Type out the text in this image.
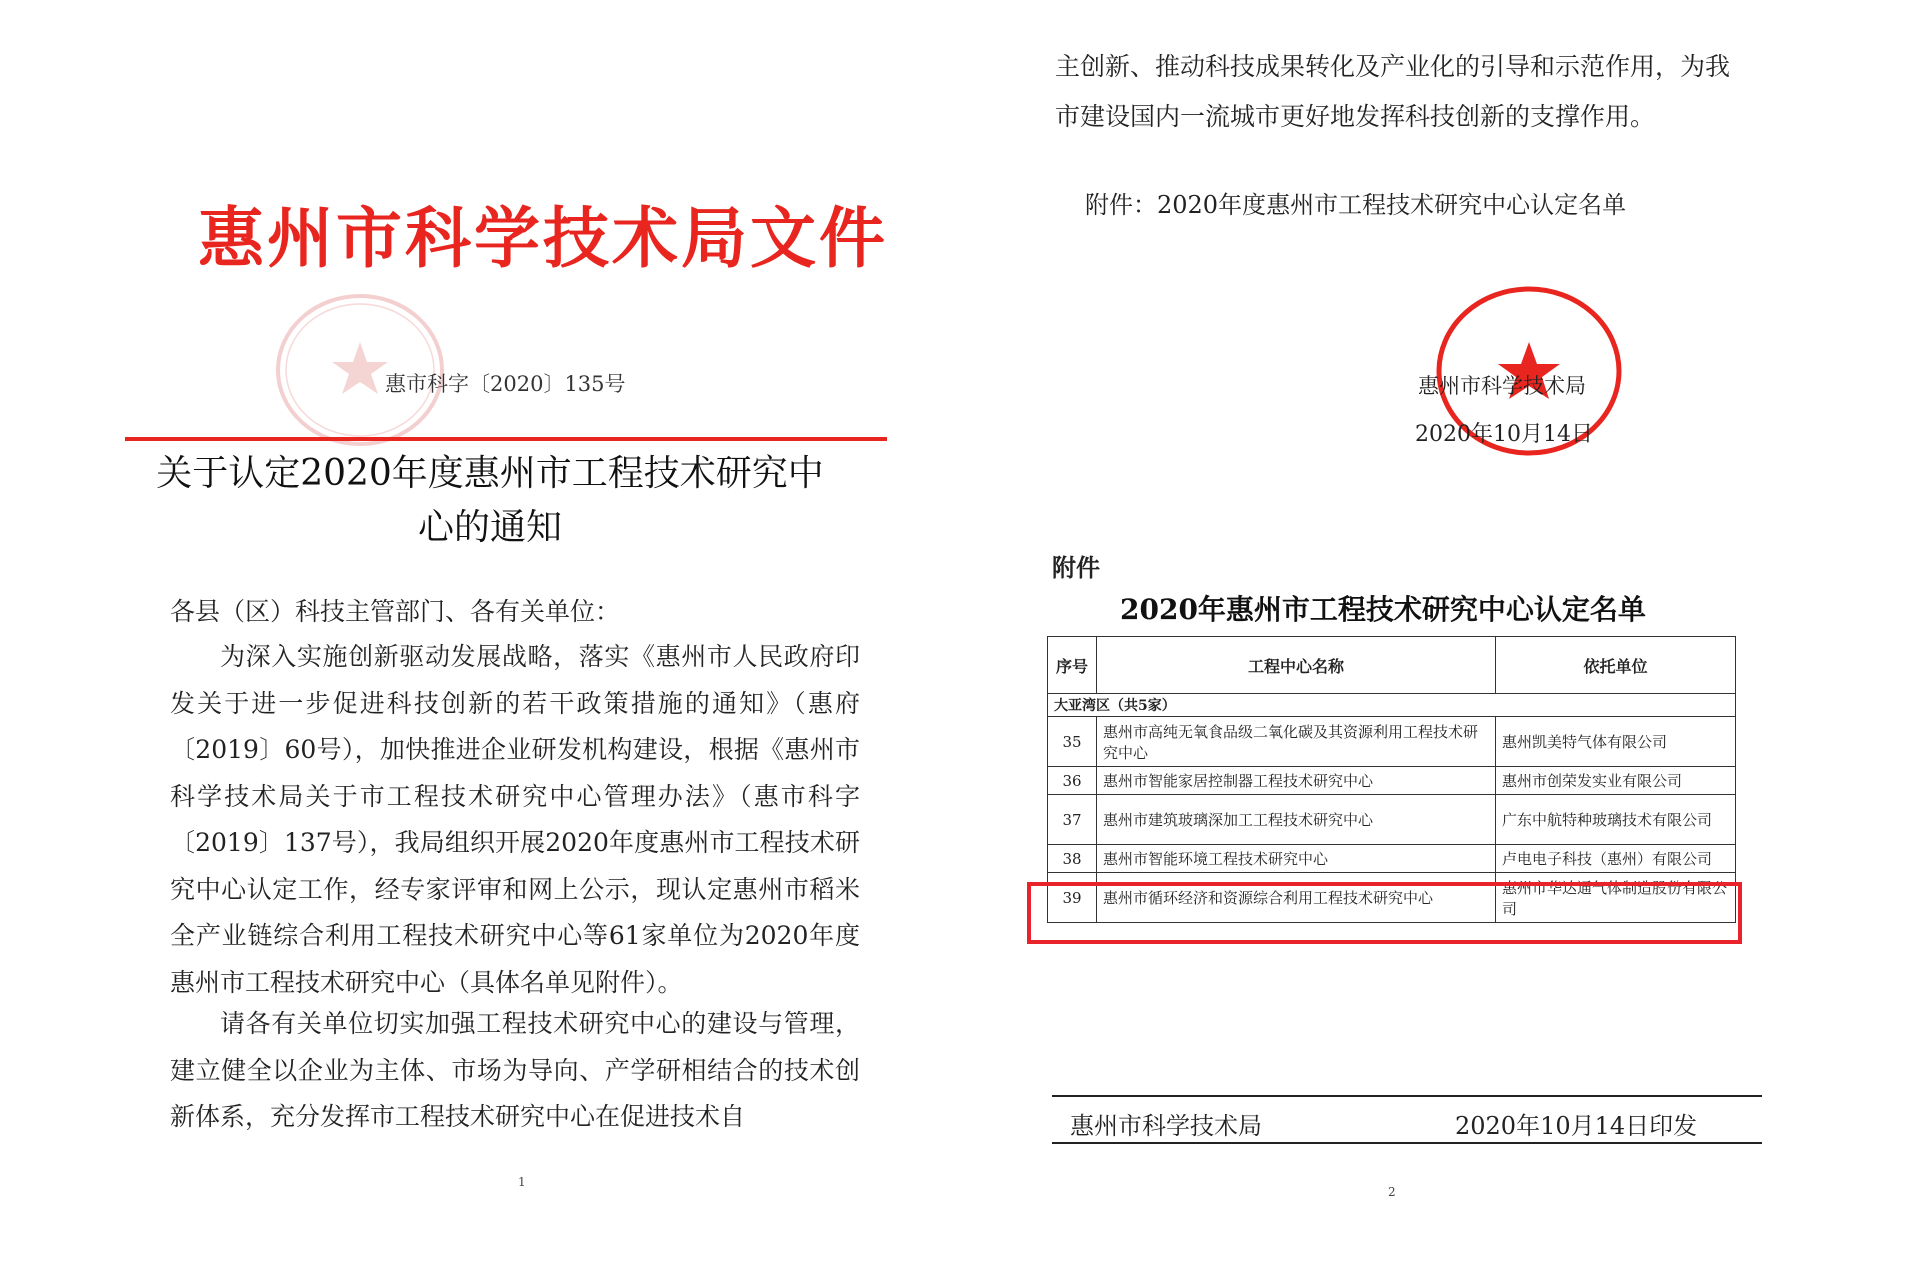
惠州市科学技术局文件
惠市科字〔2020〕135号
关于认定2020年度惠州市工程技术研究中心的通知
各县（区）科技主管部门、各有关单位：
为深入实施创新驱动发展战略，落实《惠州市人民政府印发关于进一步促进科技创新的若干政策措施的通知》（惠府〔2019〕60号），加快推进企业研发机构建设，根据《惠州市科学技术局关于市工程技术研究中心管理办法》（惠市科字〔2019〕137号），我局组织开展2020年度惠州市工程技术研究中心认定工作，经专家评审和网上公示，现认定惠州市稻米全产业链综合利用工程技术研究中心等61家单位为2020年度惠州市工程技术研究中心（具体名单见附件）。
请各有关单位切实加强工程技术研究中心的建设与管理，建立健全以企业为主体、市场为导向、产学研相结合的技术创新体系，充分发挥市工程技术研究中心在促进技术自
1
主创新、推动科技成果转化及产业化的引导和示范作用，为我市建设国内一流城市更好地发挥科技创新的支撑作用。
附件：2020年度惠州市工程技术研究中心认定名单
惠州市科学技术局
2020年10月14日
附件
2020年惠州市工程技术研究中心认定名单
序号	工程中心名称	依托单位
大亚湾区（共5家）		
35	惠州市高纯无氧食品级二氧化碳及其资源利用工程技术研究中心	惠州凯美特气体有限公司
36	惠州市智能家居控制器工程技术研究中心	惠州市创荣发实业有限公司
37	惠州市建筑玻璃深加工工程技术研究中心	广东中航特种玻璃技术有限公司
38	惠州市智能环境工程技术研究中心	卢电电子科技（惠州）有限公司
39	惠州市循环经济和资源综合利用工程技术研究中心	惠州市华达通气体制造股份有限公司
惠州市科学技术局	2020年10月14日印发
2
